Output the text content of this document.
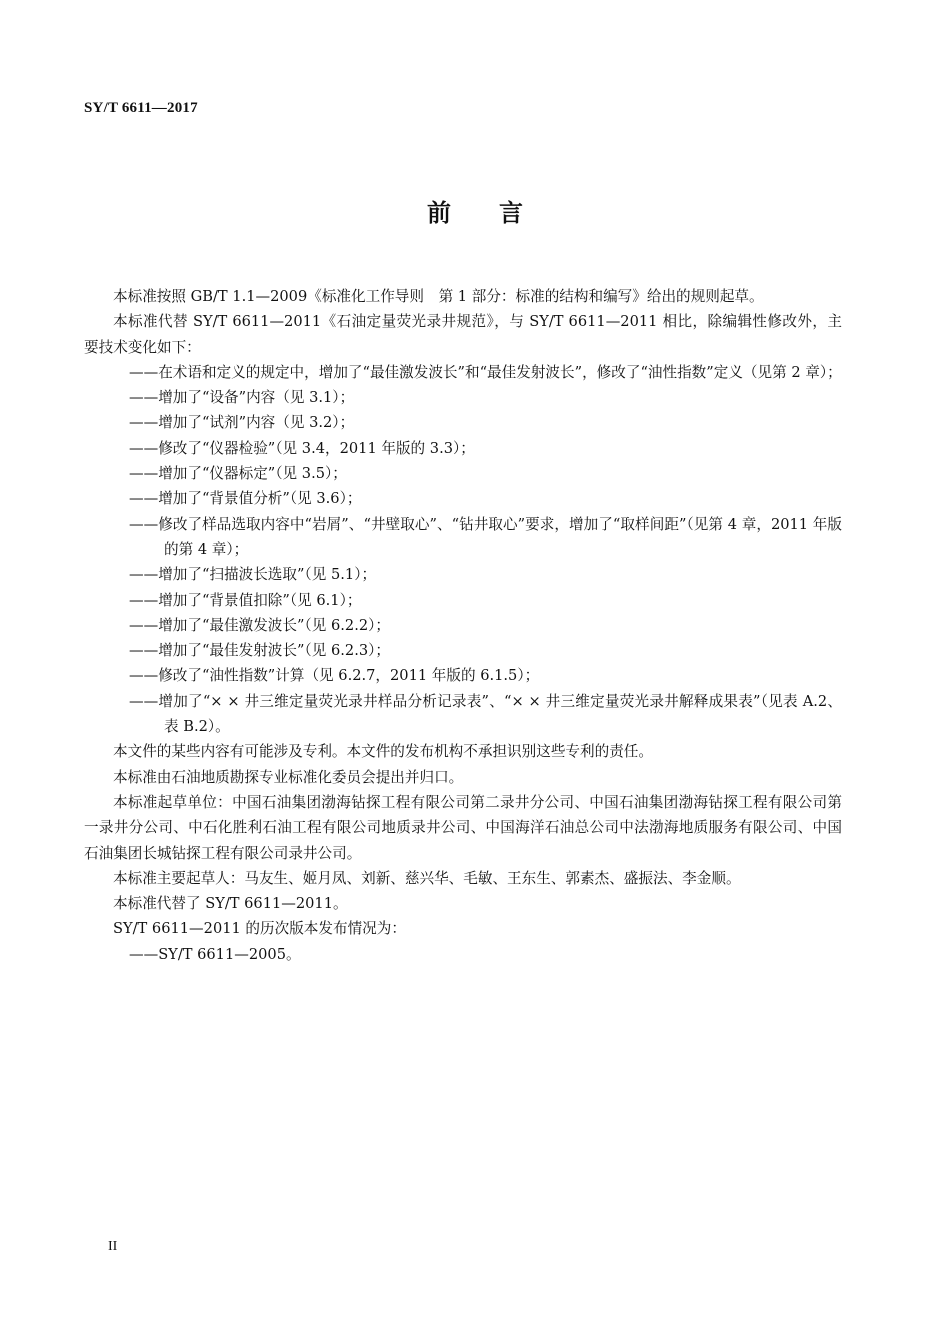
SY/T 6611—2017
前言

本标准按照 GB/T 1.1—2009《标准化工作导则　第 1 部分：标准的结构和编写》给出的规则起草。

本标准代替 SY/T 6611—2011《石油定量荧光录井规范》，与 SY/T 6611—2011 相比，除编辑性修改外，主要技术变化如下：

——在术语和定义的规定中，增加了“最佳激发波长”和“最佳发射波长”，修改了“油性指数”定义（见第 2 章）；

——增加了“设备”内容（见 3.1）；

——增加了“试剂”内容（见 3.2）；

——修改了“仪器检验”（见 3.4，2011 年版的 3.3）；

——增加了“仪器标定”（见 3.5）；

——增加了“背景值分析”（见 3.6）；

——修改了样品选取内容中“岩屑”、“井壁取心”、“钻井取心”要求，增加了“取样间距”（见第 4 章，2011 年版的第 4 章）；

——增加了“扫描波长选取”（见 5.1）；

——增加了“背景值扣除”（见 6.1）；

——增加了“最佳激发波长”（见 6.2.2）；

——增加了“最佳发射波长”（见 6.2.3）；

——修改了“油性指数”计算（见 6.2.7，2011 年版的 6.1.5）；

——增加了“× × 井三维定量荧光录井样品分析记录表”、“× × 井三维定量荧光录井解释成果表”（见表 A.2、表 B.2）。

本文件的某些内容有可能涉及专利。本文件的发布机构不承担识别这些专利的责任。

本标准由石油地质勘探专业标准化委员会提出并归口。

本标准起草单位：中国石油集团渤海钻探工程有限公司第二录井分公司、中国石油集团渤海钻探工程有限公司第一录井分公司、中石化胜利石油工程有限公司地质录井公司、中国海洋石油总公司中法渤海地质服务有限公司、中国石油集团长城钻探工程有限公司录井公司。

本标准主要起草人：马友生、姬月凤、刘新、慈兴华、毛敏、王东生、郭素杰、盛振法、李金顺。

本标准代替了 SY/T 6611—2011。

SY/T 6611—2011 的历次版本发布情况为：

——SY/T 6611—2005。

II
